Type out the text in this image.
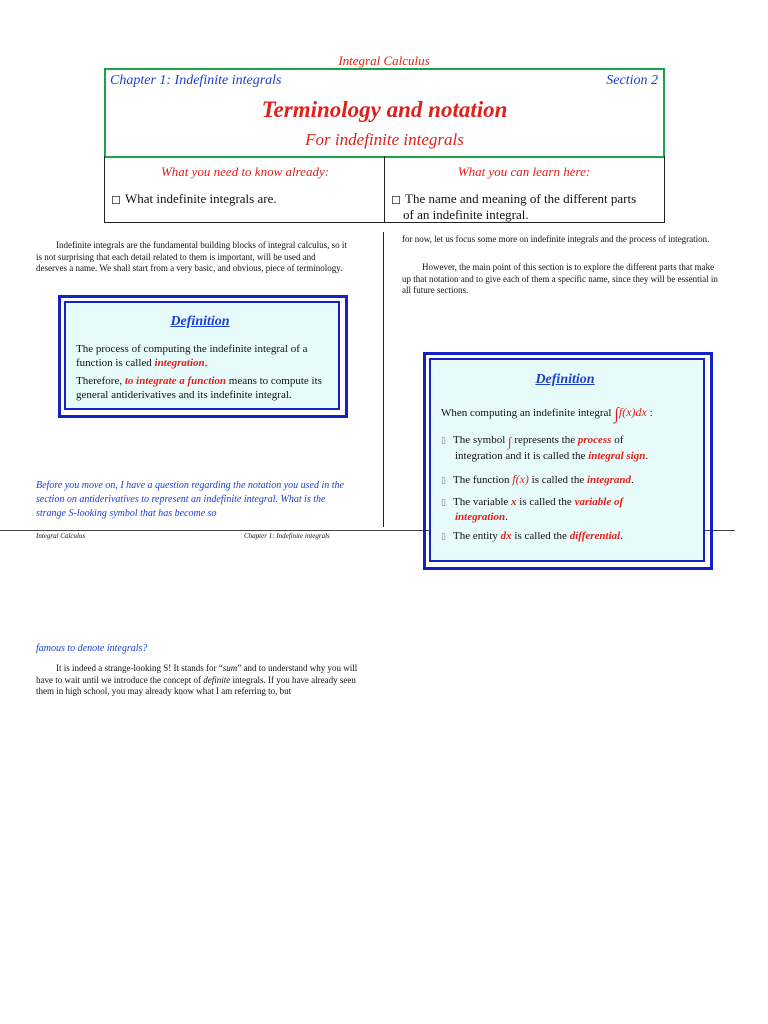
Integral Calculus
Chapter 1: Indefinite integrals	Section 2
Terminology and notation
For indefinite integrals
What you need to know already:	What you can learn here:
What indefinite integrals are.	The name and meaning of the different parts
of an indefinite integral.
Indefinite integrals are the fundamental building blocks of integral calculus, so it is not surprising that each detail related to them is important, will be used and deserves a name. We shall start from a very basic, and obvious, piece of terminology.
Definition
The process of computing the indefinite integral of a function is called integration.
Therefore, to integrate a function means to compute its general antiderivatives and its indefinite integral.
Before you move on, I have a question regarding the notation you used in the section on antiderivatives to represent an indefinite integral. What is the strange S-looking symbol that has become so
Integral Calculus	Chapter 1: Indefinite integrals
for now, let us focus some more on indefinite integrals and the process of integration.
However, the main point of this section is to explore the different parts that make up that notation and to give each of them a specific name, since they will be essential in all future sections.
Definition
When computing an indefinite integral ∫f(x)dx :
▯ The symbol ∫ represents the process of
integration and it is called the integral sign.
▯ The function f(x) is called the integrand.
▯ The variable x is called the variable of
integration.
▯ The entity dx is called the differential.
famous to denote integrals?
It is indeed a strange-looking S! It stands for “sum” and to understand why you will have to wait until we introduce the concept of definite integrals. If you have already seen them in high school, you may already know what I am referring to, but
